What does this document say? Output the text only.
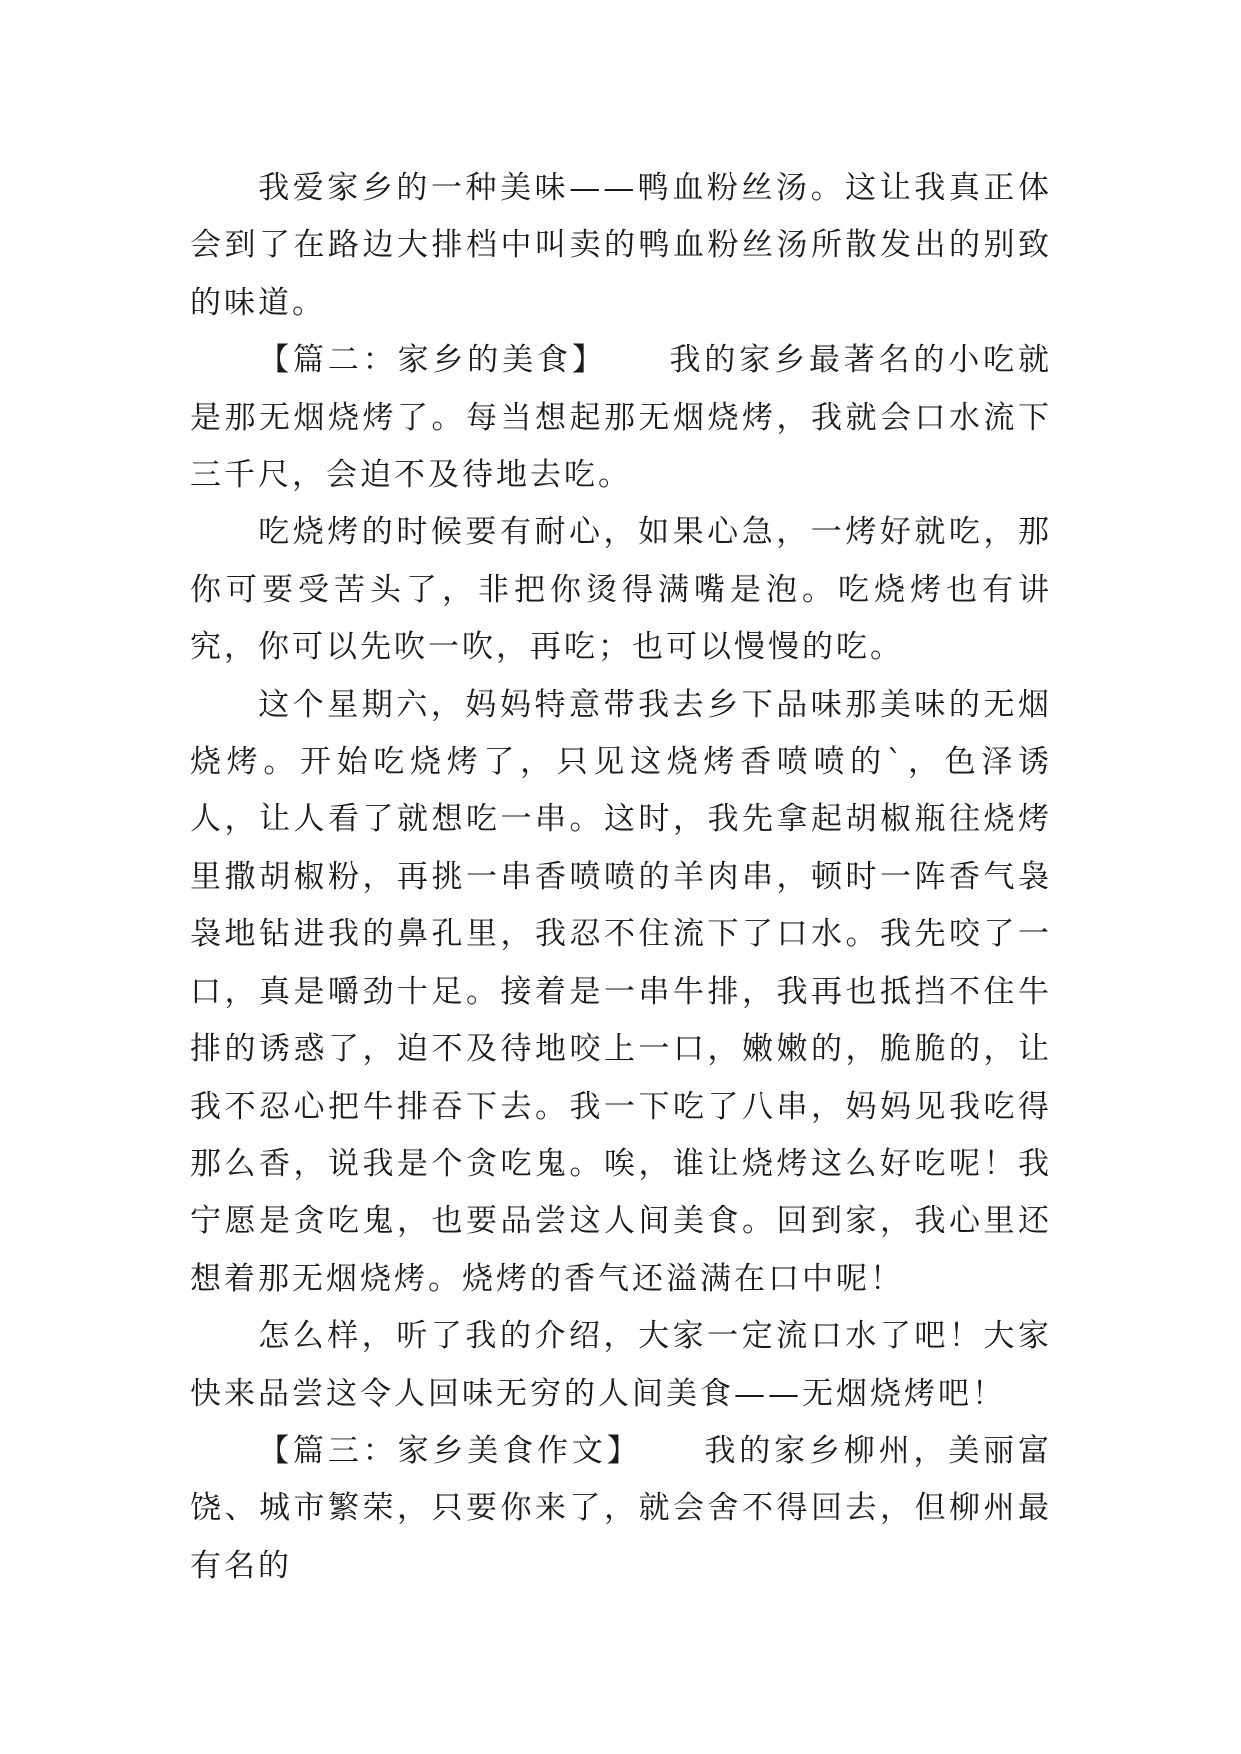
我爱家乡的一种美味——鸭血粉丝汤。这让我真正体会到了在路边大排档中叫卖的鸭血粉丝汤所散发出的别致的味道。

【篇二：家乡的美食】 我的家乡最著名的小吃就是那无烟烧烤了。每当想起那无烟烧烤，我就会口水流下三千尺，会迫不及待地去吃。

吃烧烤的时候要有耐心，如果心急，一烤好就吃，那你可要受苦头了，非把你烫得满嘴是泡。吃烧烤也有讲究，你可以先吹一吹，再吃；也可以慢慢的吃。

这个星期六，妈妈特意带我去乡下品味那美味的无烟烧烤。开始吃烧烤了，只见这烧烤香喷喷的`，色泽诱人，让人看了就想吃一串。这时，我先拿起胡椒瓶往烧烤里撒胡椒粉，再挑一串香喷喷的羊肉串，顿时一阵香气袅袅地钻进我的鼻孔里，我忍不住流下了口水。我先咬了一口，真是嚼劲十足。接着是一串牛排，我再也抵挡不住牛排的诱惑了，迫不及待地咬上一口，嫩嫩的，脆脆的，让我不忍心把牛排吞下去。我一下吃了八串，妈妈见我吃得那么香，说我是个贪吃鬼。唉，谁让烧烤这么好吃呢！我宁愿是贪吃鬼，也要品尝这人间美食。回到家，我心里还想着那无烟烧烤。烧烤的香气还溢满在口中呢！

怎么样，听了我的介绍，大家一定流口水了吧！大家快来品尝这令人回味无穷的人间美食——无烟烧烤吧！

【篇三：家乡美食作文】 我的家乡柳州，美丽富饶、城市繁荣，只要你来了，就会舍不得回去，但柳州最有名的
